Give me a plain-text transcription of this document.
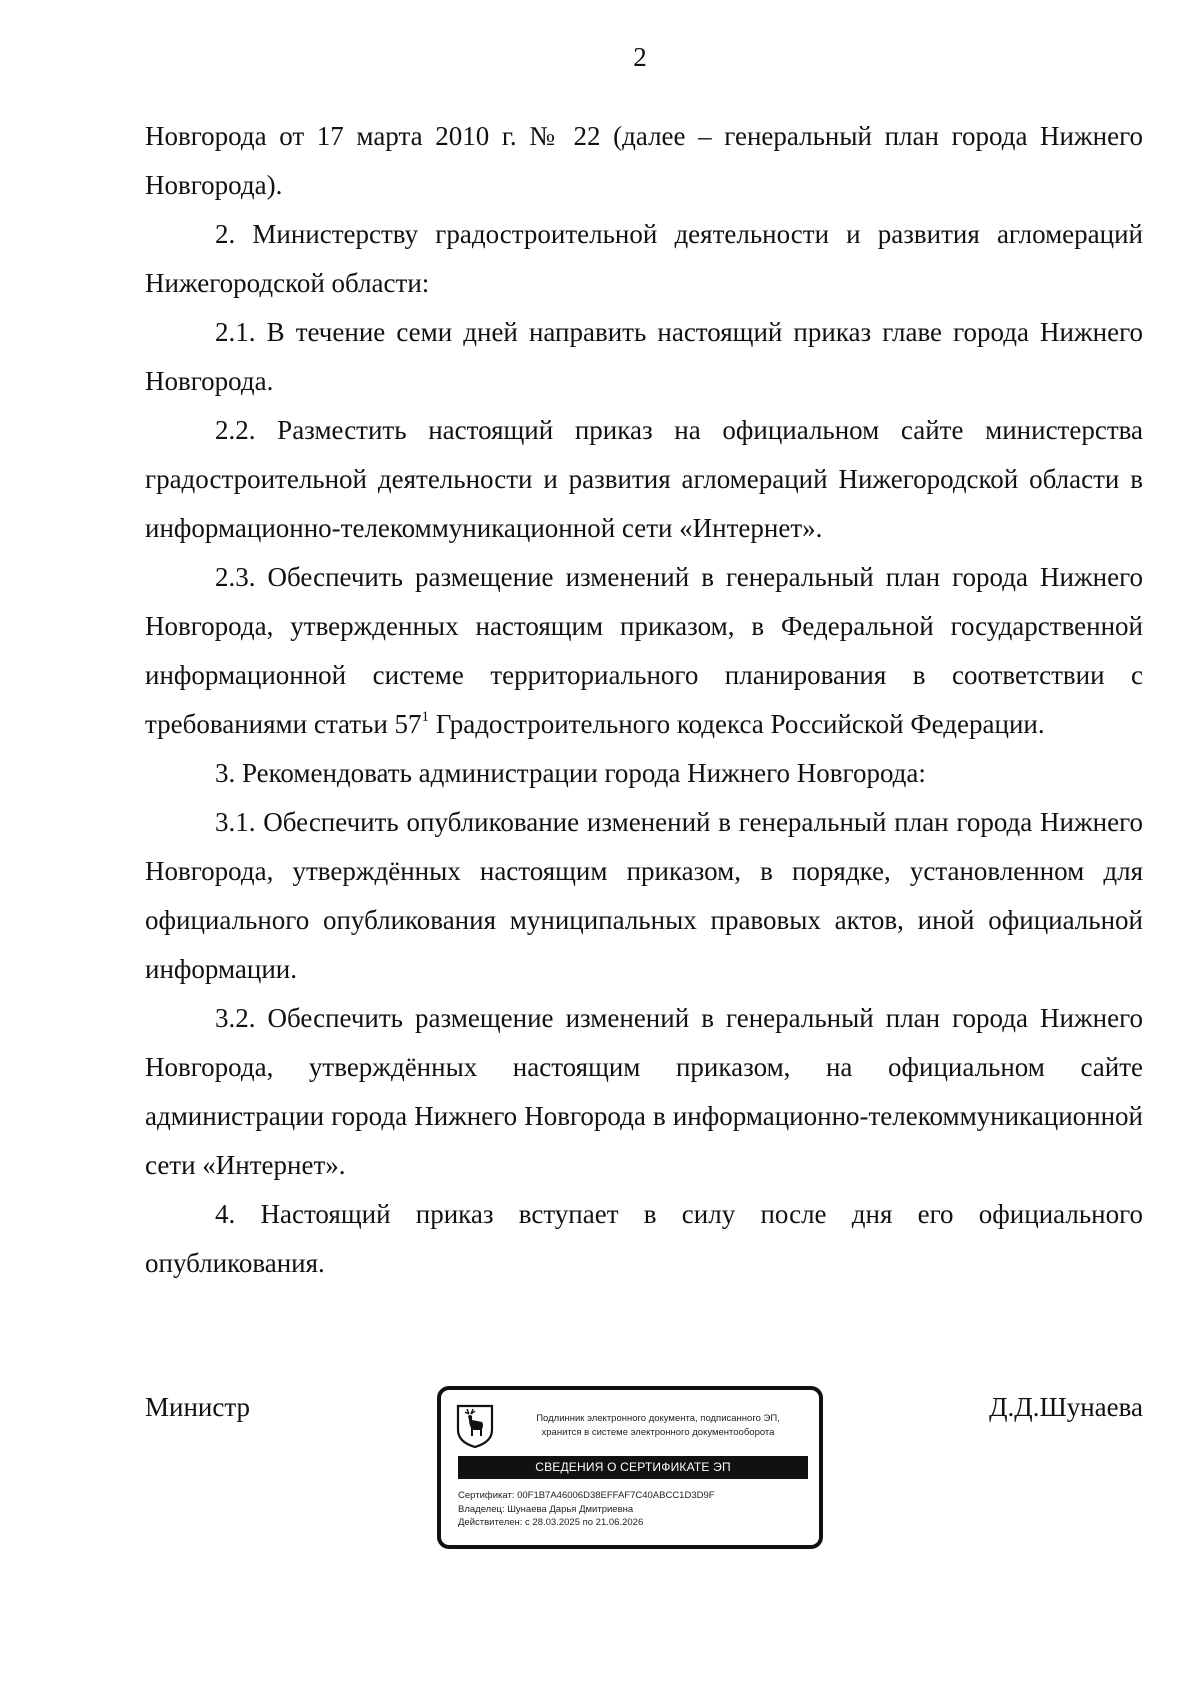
2

Новгорода от 17 марта 2010 г. № 22 (далее – генеральный план города Нижнего Новгорода).

2. Министерству градостроительной деятельности и развития агломераций Нижегородской области:

2.1. В течение семи дней направить настоящий приказ главе города Нижнего Новгорода.

2.2. Разместить настоящий приказ на официальном сайте министерства градостроительной деятельности и развития агломераций Нижегородской области в информационно-телекоммуникационной сети «Интернет».

2.3. Обеспечить размещение изменений в генеральный план города Нижнего Новгорода, утвержденных настоящим приказом, в Федеральной государственной информационной системе территориального планирования в соответствии с требованиями статьи $57^1$ Градостроительного кодекса Российской Федерации.

3. Рекомендовать администрации города Нижнего Новгорода:

3.1. Обеспечить опубликование изменений в генеральный план города Нижнего Новгорода, утверждённых настоящим приказом, в порядке, установленном для официального опубликования муниципальных правовых актов, иной официальной информации.

3.2. Обеспечить размещение изменений в генеральный план города Нижнего Новгорода, утверждённых настоящим приказом, на официальном сайте администрации города Нижнего Новгорода в информационно-телекоммуникационной сети «Интернет».

4. Настоящий приказ вступает в силу после дня его официального опубликования.

Министр	Д.Д.Шунаева
Подлинник электронного документа, подписанного ЭП,
хранится в системе электронного документооборота
СВЕДЕНИЯ О СЕРТИФИКАТЕ ЭП
Сертификат: 00F1B7A46006D38EFFAF7C40ABCC1D3D9F
Владелец: Шунаева Дарья Дмитриевна
Действителен: с 28.03.2025 по 21.06.2026
